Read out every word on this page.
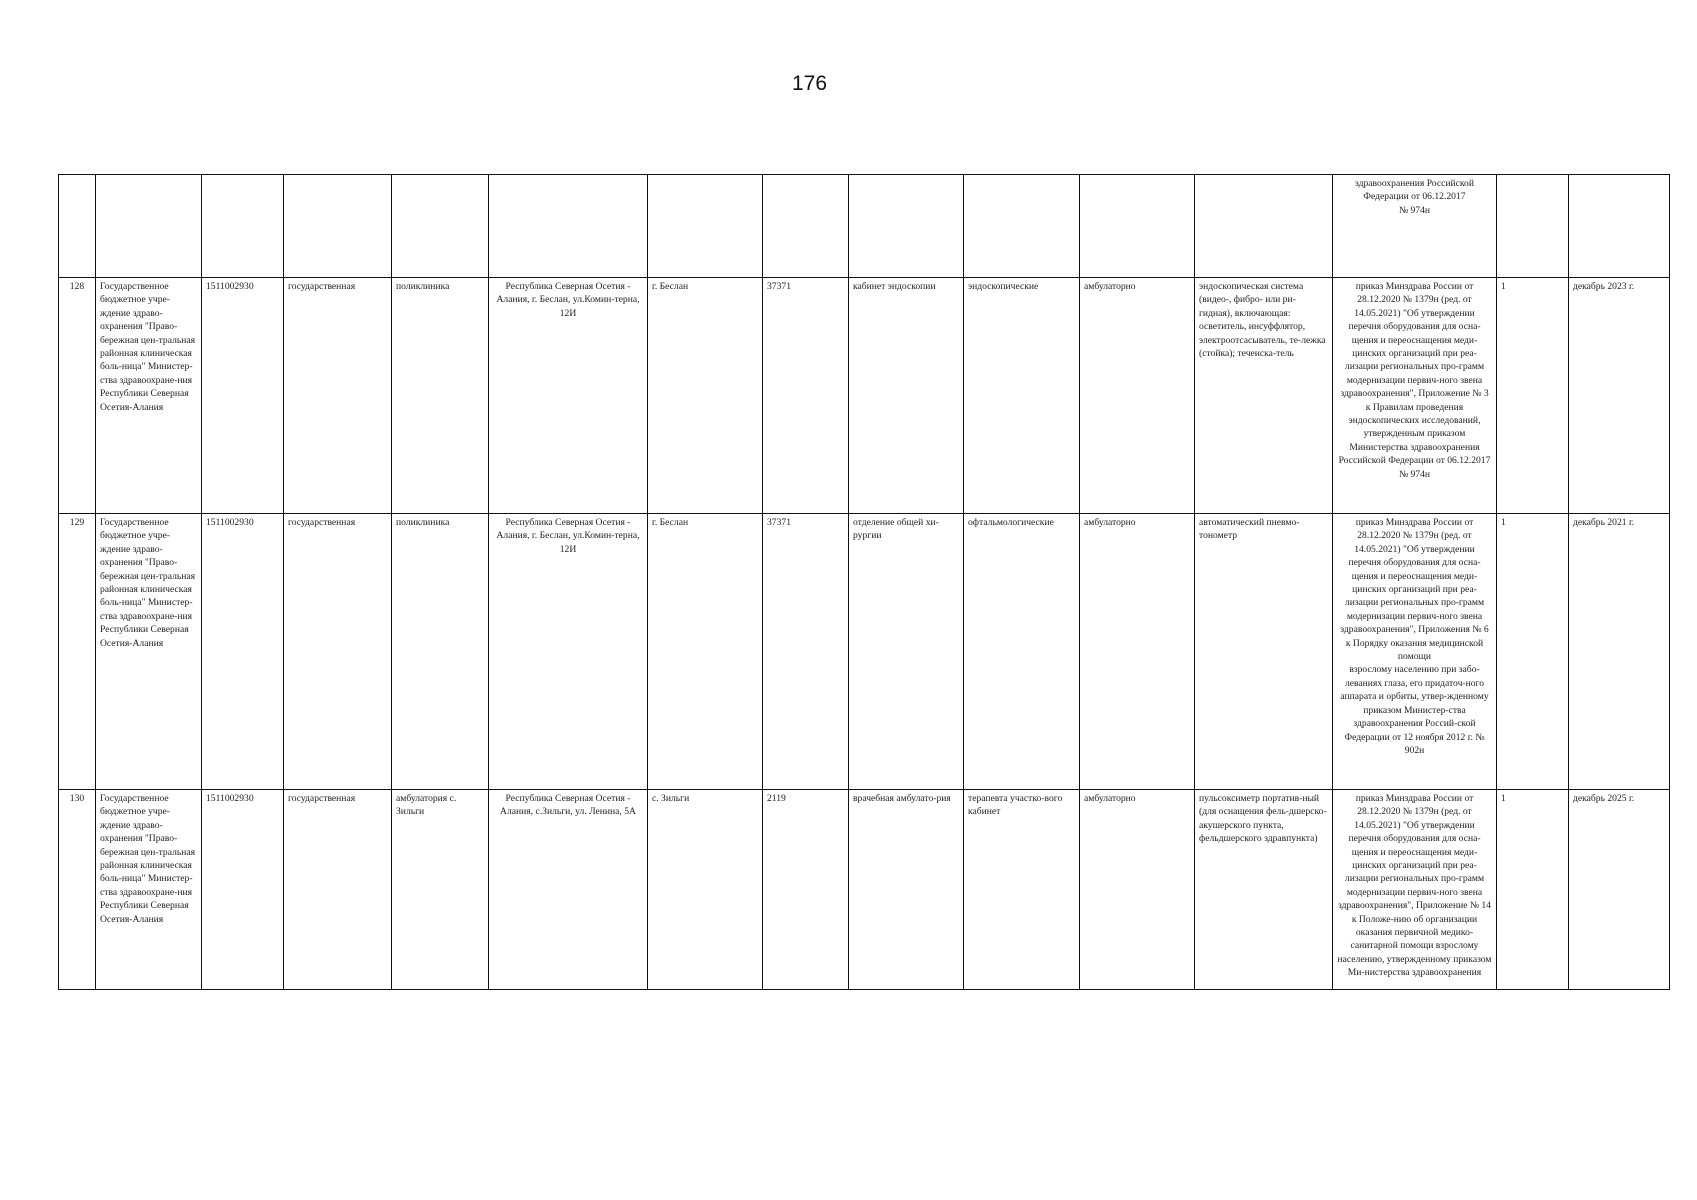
176
												здравоохранения Российской
Федерации от 06.12.2017
№ 974н		
128	Государственное бюджетное учре-ждение здраво-охранения "Право-бережная цен-тральная районная клиническая боль-ница" Министер-ства здравоохране-ния Республики Северная Осетия-Алания	1511002930	государственная	поликлиника	Республика Северная Осетия - Алания, г. Беслан, ул.Комин-терна, 12И	г. Беслан	37371	кабинет эндоскопии	эндоскопические	амбулаторно	эндоскопическая система (видео-, фибро- или ри-гидная), включающая: осветитель, инсуффлятор, электроотсасыватель, те-лежка (стойка); течеиска-тель	приказ Минздрава России от 28.12.2020 № 1379н (ред. от 14.05.2021) "Об утверждении перечня оборудования для осна-щения и переоснащения меди-цинских организаций при реа-лизации региональных про-грамм модернизации первич-ного звена здравоохранения", Приложение № 3 к Правилам проведения эндоскопических исследований, утвержденным приказом Министерства здравоохранения Российской Федерации от 06.12.2017
№ 974н	1	декабрь 2023 г.
129	Государственное бюджетное учре-ждение здраво-охранения "Право-бережная цен-тральная районная клиническая боль-ница" Министер-ства здравоохране-ния Республики Северная Осетия-Алания	1511002930	государственная	поликлиника	Республика Северная Осетия - Алания, г. Беслан, ул.Комин-терна, 12И	г. Беслан	37371	отделение общей хи-рургии	офтальмологические	амбулаторно	автоматический пневмо-тонометр	приказ Минздрава России от 28.12.2020 № 1379н (ред. от 14.05.2021) "Об утверждении перечня оборудования для осна-щения и переоснащения меди-цинских организаций при реа-лизации региональных про-грамм модернизации первич-ного звена здравоохранения", Приложения № 6 к Порядку оказания медицинской помощи
взрослому населению при забо-леваниях глаза, его придаточ-ного аппарата и орбиты, утвер-жденному приказом Министер-ства здравоохранения Россий-ской Федерации от 12 ноября 2012 г. № 902н	1	декабрь 2021 г.
130	Государственное бюджетное учре-ждение здраво-охранения "Право-бережная цен-тральная районная клиническая боль-ница" Министер-ства здравоохране-ния Республики Северная Осетия-Алания	1511002930	государственная	амбулатория с. Зильги	Республика Северная Осетия - Алания, с.Зильги, ул. Ленина, 5А	с. Зильги	2119	врачебная амбулато-рия	терапевта участко-вого кабинет	амбулаторно	пульсоксиметр портатив-ный (для оснащения фель-дшерско-акушерского пункта, фельдшерского здравпункта)	приказ Минздрава России от 28.12.2020 № 1379н (ред. от 14.05.2021) "Об утверждении перечня оборудования для осна-щения и переоснащения меди-цинских организаций при реа-лизации региональных про-грамм модернизации первич-ного звена здравоохранения", Приложение № 14 к Положе-нию об организации оказания первичной медико-санитарной помощи взрослому населению, утвержденному приказом Ми-нистерства здравоохранения	1	декабрь 2025 г.
